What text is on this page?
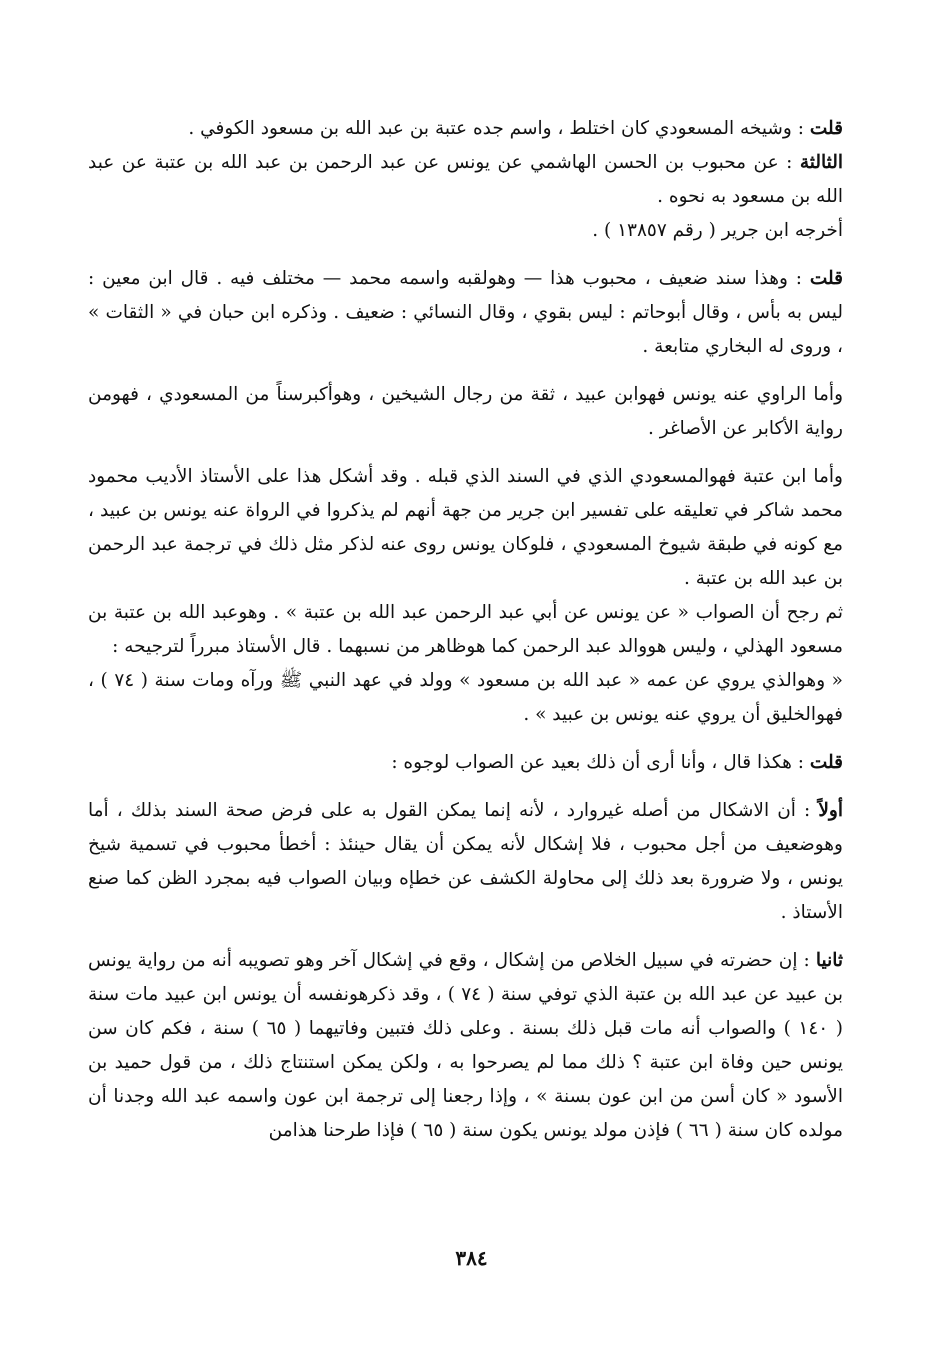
قلت : وشيخه المسعودي كان اختلط ، واسم جده عتبة بن عبد الله بن مسعود الكوفي .

الثالثة : عن محبوب بن الحسن الهاشمي عن يونس عن عبد الرحمن بن عبد الله بن عتبة عن عبد الله بن مسعود به نحوه .

أخرجه ابن جرير ( رقم ١٣٨٥٧ ) .

قلت : وهذا سند ضعيف ، محبوب هذا — وهولقبه واسمه محمد — مختلف فيه . قال ابن معين : ليس به بأس ، وقال أبوحاتم : ليس بقوي ، وقال النسائي : ضعيف . وذكره ابن حبان في « الثقات » ، وروى له البخاري متابعة .

وأما الراوي عنه يونس فهوابن عبيد ، ثقة من رجال الشيخين ، وهوأكبرسناً من المسعودي ، فهومن رواية الأكابر عن الأصاغر .

وأما ابن عتبة فهوالمسعودي الذي في السند الذي قبله . وقد أشكل هذا على الأستاذ الأديب محمود محمد شاكر في تعليقه على تفسير ابن جرير من جهة أنهم لم يذكروا في الرواة عنه يونس بن عبيد ، مع كونه في طبقة شيوخ المسعودي ، فلوكان يونس روى عنه لذكر مثل ذلك في ترجمة عبد الرحمن بن عبد الله بن عتبة .

ثم رجح أن الصواب « عن يونس عن أبي عبد الرحمن عبد الله بن عتبة » . وهوعبد الله بن عتبة بن مسعود الهذلي ، وليس هووالد عبد الرحمن كما هوظاهر من نسبهما . قال الأستاذ مبرراً لترجيحه :

« وهوالذي يروي عن عمه « عبد الله بن مسعود » وولد في عهد النبي ﷺ ورآه ومات سنة ( ٧٤ ) ، فهوالخليق أن يروي عنه يونس بن عبيد » .

قلت : هكذا قال ، وأنا أرى أن ذلك بعيد عن الصواب لوجوه :

أولاً : أن الاشكال من أصله غيروارد ، لأنه إنما يمكن القول به على فرض صحة السند بذلك ، أما وهوضعيف من أجل محبوب ، فلا إشكال لأنه يمكن أن يقال حينئذ : أخطأ محبوب في تسمية شيخ يونس ، ولا ضرورة بعد ذلك إلى محاولة الكشف عن خطإه وبيان الصواب فيه بمجرد الظن كما صنع الأستاذ .

ثانيا : إن حضرته في سبيل الخلاص من إشكال ، وقع في إشكال آخر وهو تصويبه أنه من رواية يونس بن عبيد عن عبد الله بن عتبة الذي توفي سنة ( ٧٤ ) ، وقد ذكرهونفسه أن يونس ابن عبيد مات سنة ( ١٤٠ ) والصواب أنه مات قبل ذلك بسنة . وعلى ذلك فتبين وفاتيهما ( ٦٥ ) سنة ، فكم كان سن يونس حين وفاة ابن عتبة ؟ ذلك مما لم يصرحوا به ، ولكن يمكن استنتاج ذلك ، من قول حميد بن الأسود « كان أسن من ابن عون بسنة » ، وإذا رجعنا إلى ترجمة ابن عون واسمه عبد الله وجدنا أن مولده كان سنة ( ٦٦ ) فإذن مولد يونس يكون سنة ( ٦٥ ) فإذا طرحنا هذامن

٣٨٤
